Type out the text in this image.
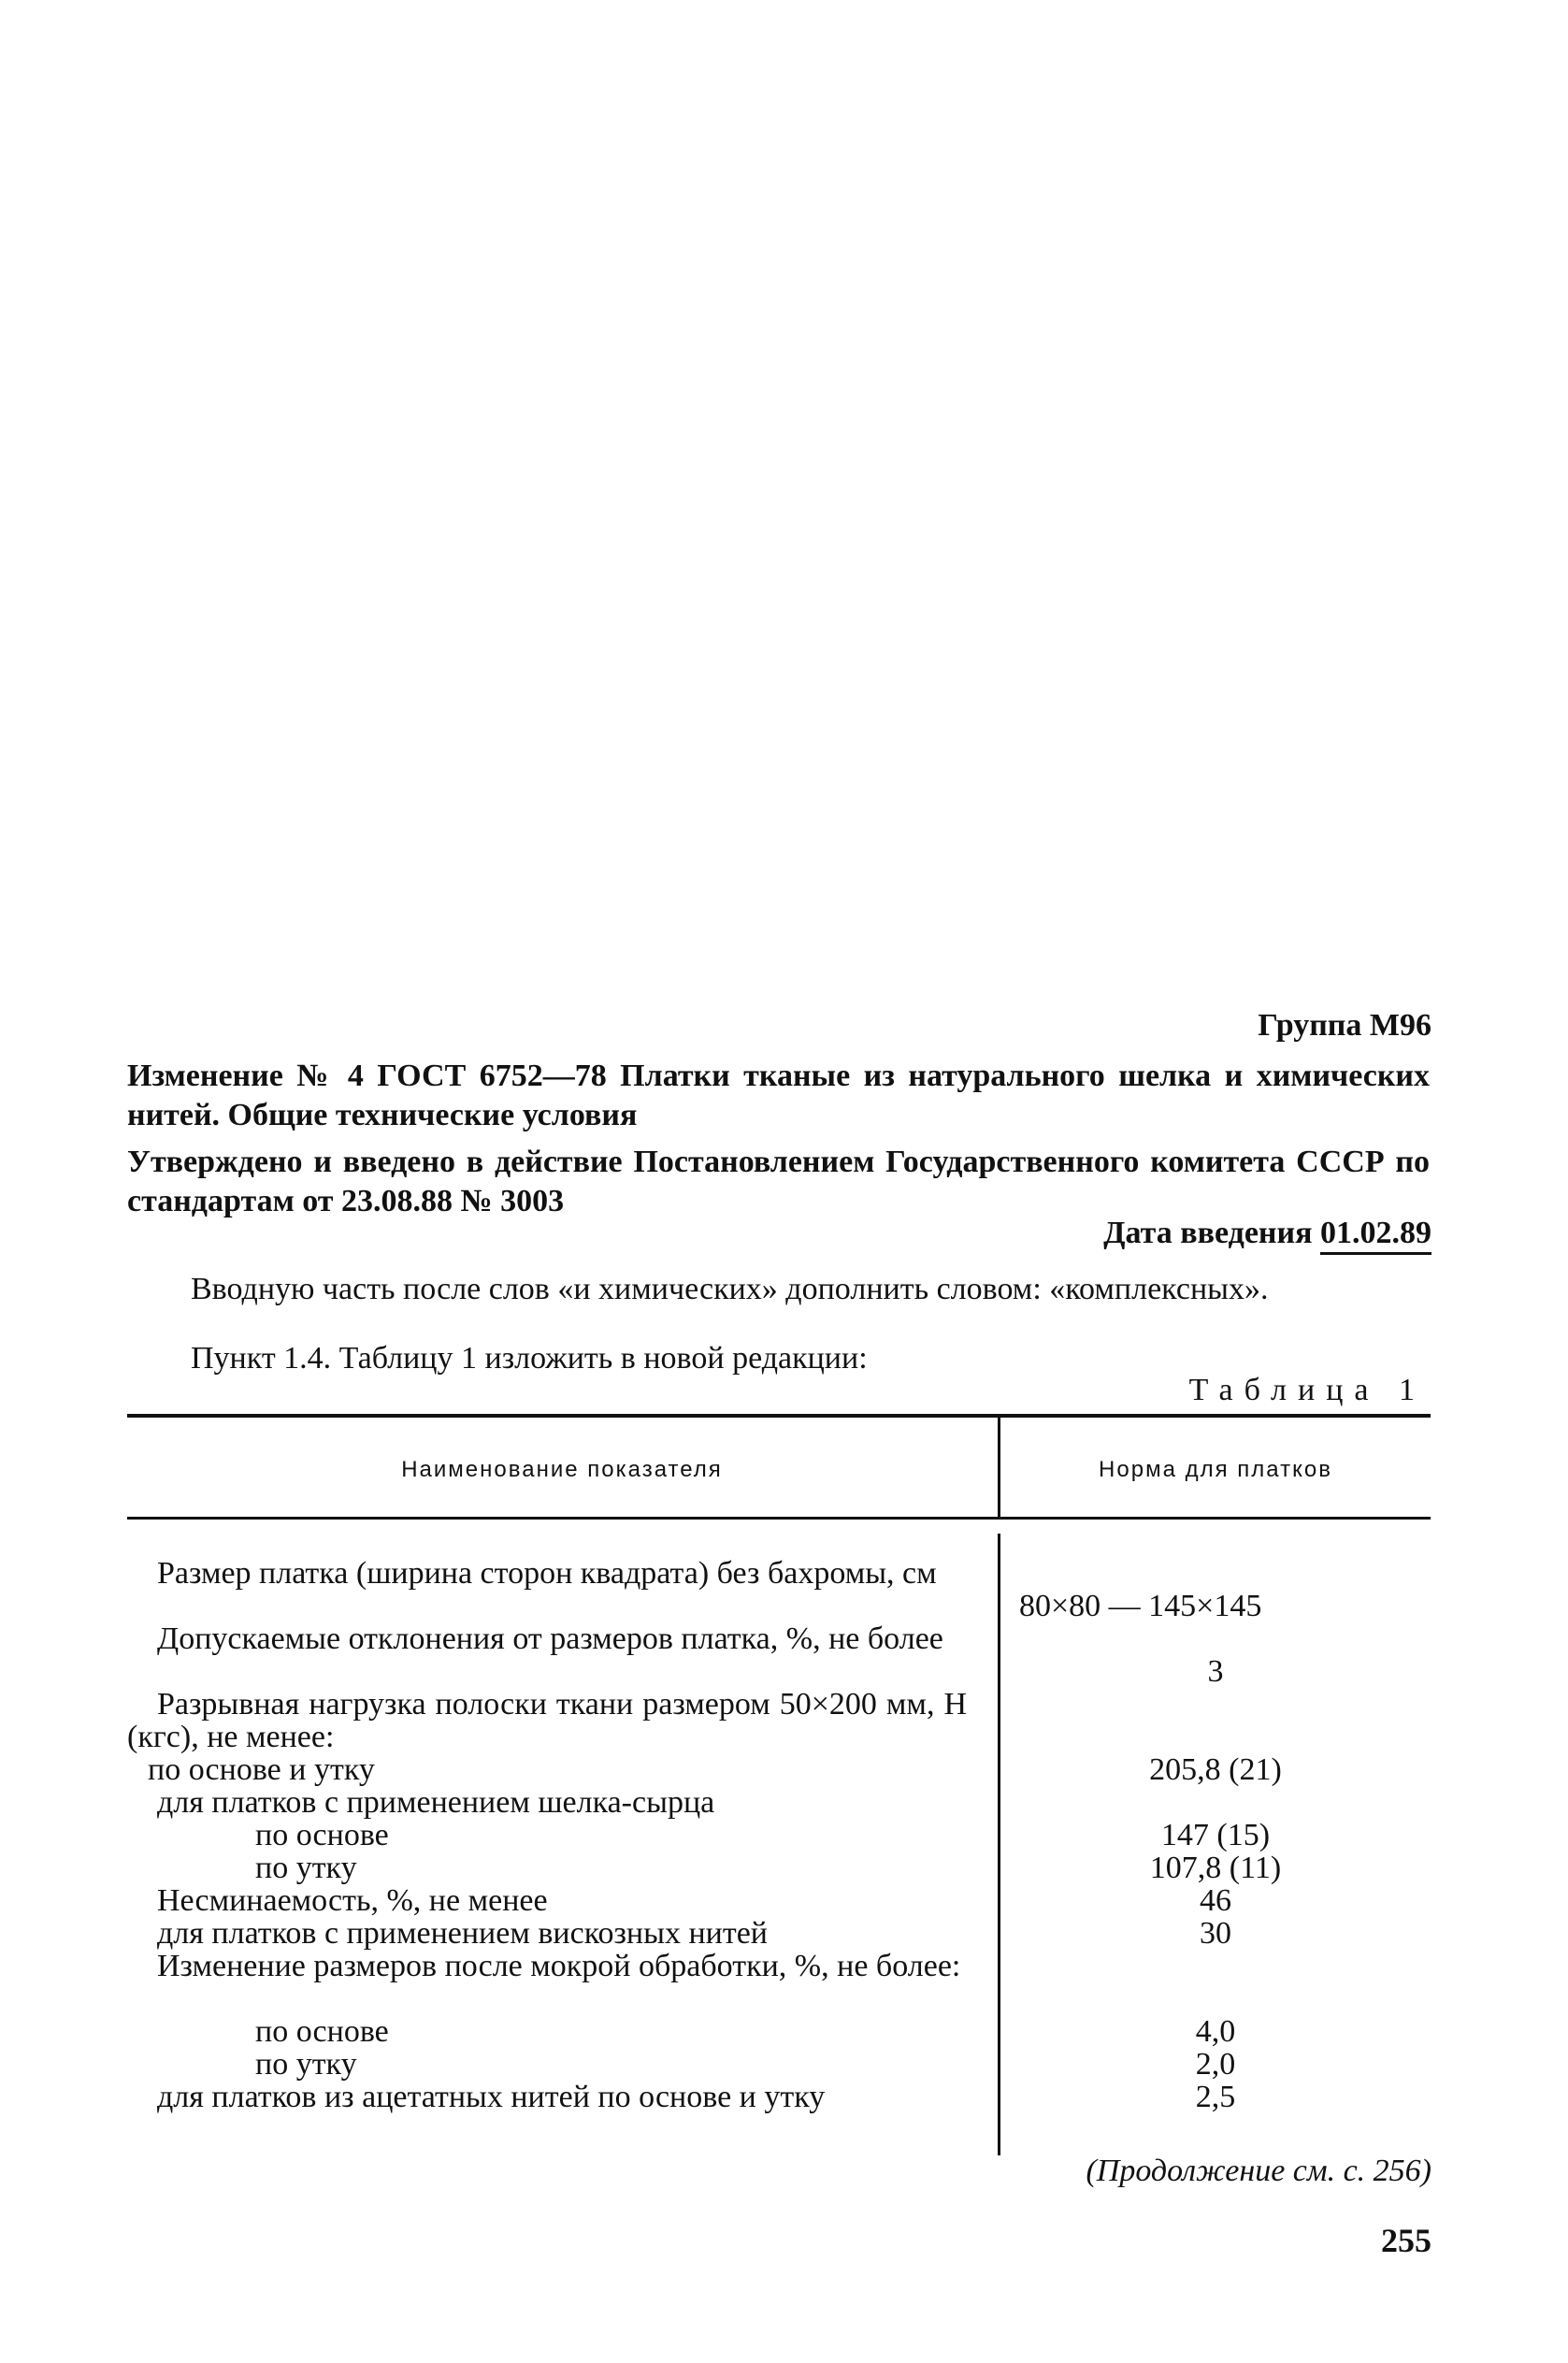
Группа М96
Изменение № 4 ГОСТ 6752—78 Платки тканые из натурального шелка и химических нитей. Общие технические условия
Утверждено и введено в действие Постановлением Государственного комитета СССР по стандартам от 23.08.88 № 3003
Дата введения 01.02.89
Вводную часть после слов «и химических» дополнить словом: «комплексных».
Пункт 1.4. Таблицу 1 изложить в новой редакции:
Таблица 1
Наименование показателя	Норма для платков
Размер платка (ширина сторон квадрата) без бахромы, см
Допускаемые отклонения от размеров платка, %, не более
Разрывная нагрузка полоски ткани размером 50×200 мм, Н (кгс), не менее:
по основе и утку
для платков с применением шелка-сырца
по основе
по утку
Несминаемость, %, не менее
для платков с применением вискозных нитей
Изменение размеров после мокрой обработки, %, не более:
по основе
по утку
для платков из ацетатных нитей по основе и утку
80×80 — 145×145
3
205,8 (21)
147 (15)
107,8 (11)
46
30
4,0
2,0
2,5
(Продолжение см. с. 256)
255
